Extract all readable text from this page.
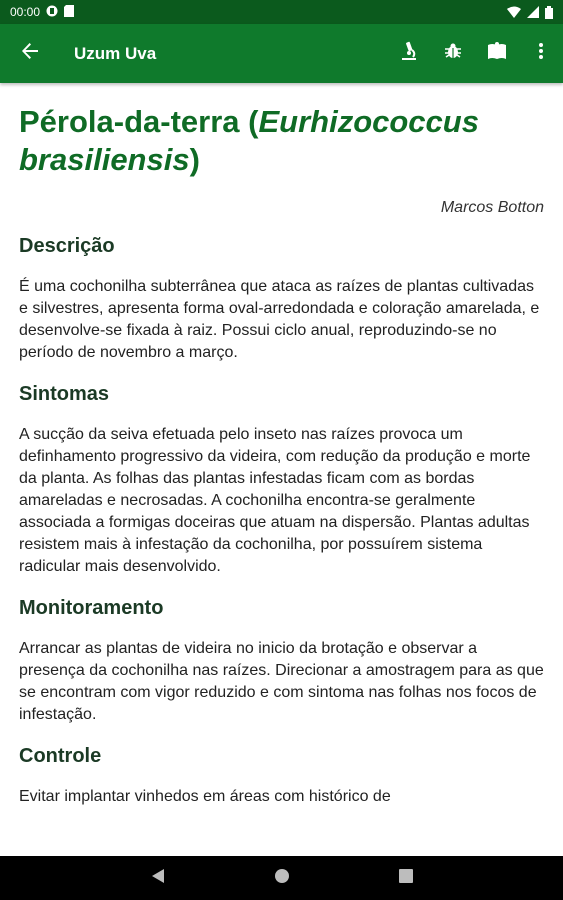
00:00
Uzum Uva
Pérola-da-terra (Eurhizococcus brasiliensis)
Marcos Botton
Descrição

É uma cochonilha subterrânea que ataca as raízes de plantas cultivadas e silvestres, apresenta forma oval-arredondada e coloração amarelada, e desenvolve-se fixada à raiz. Possui ciclo anual, reproduzindo-se no período de novembro a março.

Sintomas

A sucção da seiva efetuada pelo inseto nas raízes provoca um definhamento progressivo da videira, com redução da produção e morte da planta. As folhas das plantas infestadas ficam com as bordas amareladas e necrosadas. A cochonilha encontra-se geralmente associada a formigas doceiras que atuam na dispersão. Plantas adultas resistem mais à infestação da cochonilha, por possuírem sistema radicular mais desenvolvido.

Monitoramento

Arrancar as plantas de videira no inicio da brotação e observar a presença da cochonilha nas raízes. Direcionar a amostragem para as que se encontram com vigor reduzido e com sintoma nas folhas nos focos de infestação.

Controle

Evitar implantar vinhedos em áreas com histórico de
